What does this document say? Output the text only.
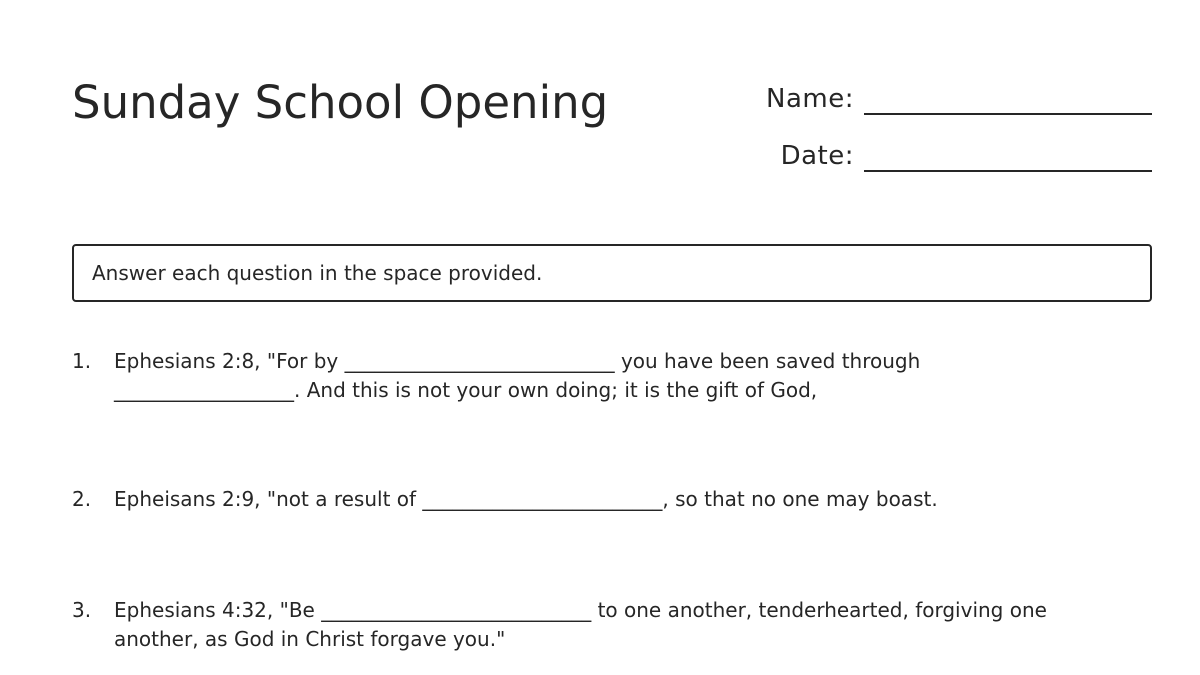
Sunday School Opening	Name:
Date:
Answer each question in the space provided.
1.	Ephesians 2:8, "For by ___________________________ you have been saved through __________________. And this is not your own doing; it is the gift of God,
2.	Epheisans 2:9, "not a result of ________________________, so that no one may boast.
3.	Ephesians 4:32, "Be ___________________________ to one another, tenderhearted, forgiving one another, as God in Christ forgave you."
